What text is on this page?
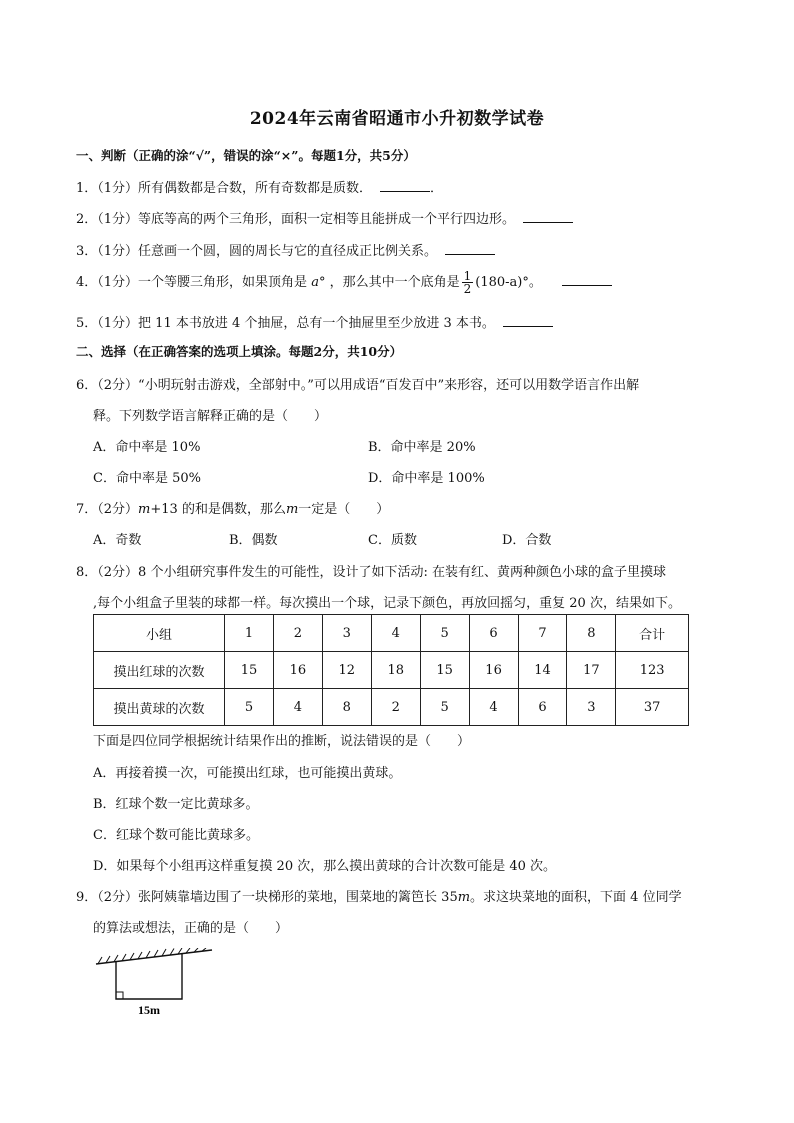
2024年云南省昭通市小升初数学试卷
一、判断（正确的涂“√”，错误的涂“×”。每题1分，共5分）
1．（1分）所有偶数都是合数，所有奇数都是质数．	．
2．（1分）等底等高的两个三角形，面积一定相等且能拼成一个平行四边形。
3．（1分）任意画一个圆，圆的周长与它的直径成正比例关系。
4．（1分）一个等腰三角形，如果顶角是 a° ，那么其中一个底角是 $\frac{1}{2} (180-a)^\circ$。
5．（1分）把 11 本书放进 4 个抽屉，总有一个抽屉里至少放进 3 本书。
二、选择（在正确答案的选项上填涂。每题2分，共10分）
6．（2分）“小明玩射击游戏，全部射中。”可以用成语“百发百中”来形容，还可以用数学语言作出解
释。下列数学语言解释正确的是（　　）
A．命中率是 10%	B．命中率是 20%
C．命中率是 50%	D．命中率是 100%
7．（2分）m+13 的和是偶数，那么m一定是（　　）
A．奇数	B．偶数	C．质数	D．合数
8．（2分）8 个小组研究事件发生的可能性，设计了如下活动: 在装有红、黄两种颜色小球的盒子里摸球
,每个小组盒子里装的球都一样。每次摸出一个球，记录下颜色，再放回摇匀，重复 20 次，结果如下。
小组	1	2	3	4	5	6	7	8	合计
摸出红球的次数	15	16	12	18	15	16	14	17	123
摸出黄球的次数	5	4	8	2	5	4	6	3	37
下面是四位同学根据统计结果作出的推断，说法错误的是（　　）
A．再接着摸一次，可能摸出红球，也可能摸出黄球。
B．红球个数一定比黄球多。
C．红球个数可能比黄球多。
D．如果每个小组再这样重复摸 20 次，那么摸出黄球的合计次数可能是 40 次。
9．（2分）张阿姨靠墙边围了一块梯形的菜地，围菜地的篱笆长 35m。求这块菜地的面积，下面 4 位同学
的算法或想法，正确的是（　　）
15m
